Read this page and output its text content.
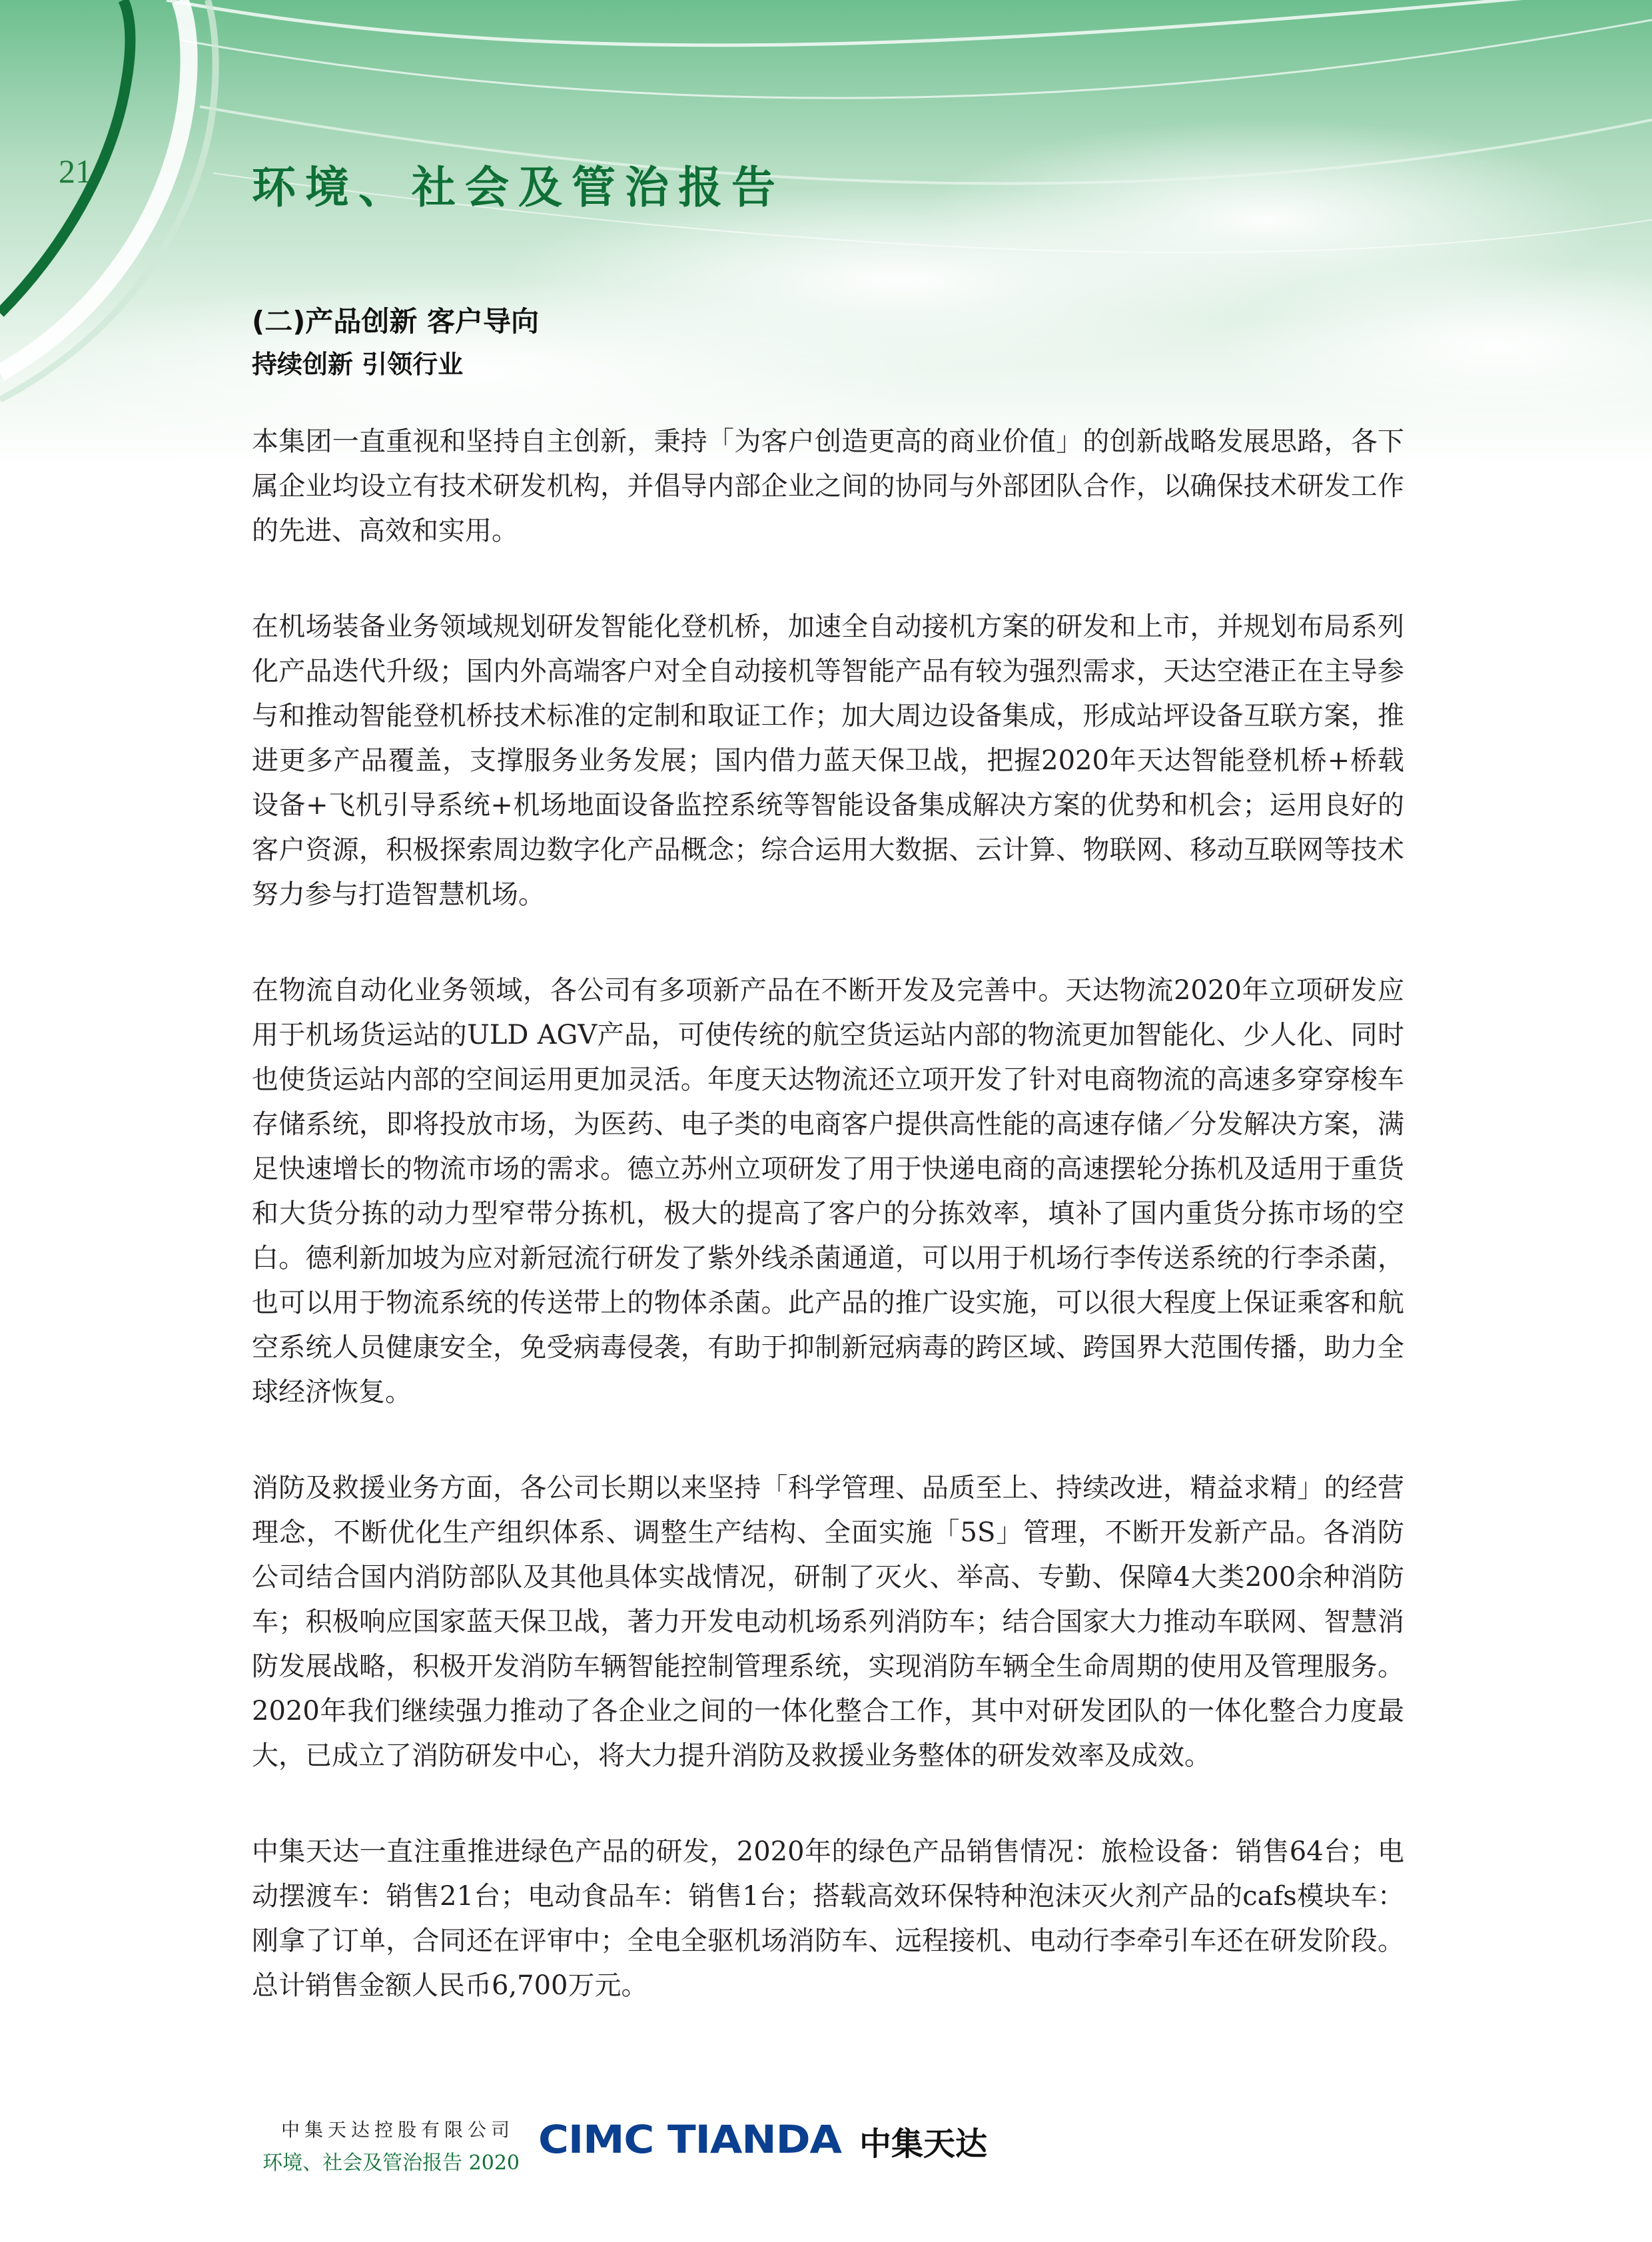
21	环境、社会及管治报告
(二)产品创新 客户导向
持续创新 引领行业

本集团一直重视和坚持自主创新，秉持「为客户创造更高的商业价值」的创新战略发展思路，各下属企业均设立有技术研发机构，并倡导内部企业之间的协同与外部团队合作，以确保技术研发工作的先进、高效和实用。

在机场装备业务领域规划研发智能化登机桥，加速全自动接机方案的研发和上市，并规划布局系列化产品迭代升级；国内外高端客户对全自动接机等智能产品有较为强烈需求，天达空港正在主导参与和推动智能登机桥技术标准的定制和取证工作；加大周边设备集成，形成站坪设备互联方案，推进更多产品覆盖，支撑服务业务发展；国内借力蓝天保卫战，把握2020年天达智能登机桥+桥载设备+飞机引导系统+机场地面设备监控系统等智能设备集成解决方案的优势和机会；运用良好的客户资源，积极探索周边数字化产品概念；综合运用大数据、云计算、物联网、移动互联网等技术努力参与打造智慧机场。

在物流自动化业务领域，各公司有多项新产品在不断开发及完善中。天达物流2020年立项研发应用于机场货运站的ULD AGV产品，可使传统的航空货运站内部的物流更加智能化、少人化、同时也使货运站内部的空间运用更加灵活。年度天达物流还立项开发了针对电商物流的高速多穿穿梭车存储系统，即将投放市场，为医药、电子类的电商客户提供高性能的高速存储／分发解决方案，满足快速增长的物流市场的需求。德立苏州立项研发了用于快递电商的高速摆轮分拣机及适用于重货和大货分拣的动力型窄带分拣机，极大的提高了客户的分拣效率，填补了国内重货分拣市场的空白。德利新加坡为应对新冠流行研发了紫外线杀菌通道，可以用于机场行李传送系统的行李杀菌，也可以用于物流系统的传送带上的物体杀菌。此产品的推广设实施，可以很大程度上保证乘客和航空系统人员健康安全，免受病毒侵袭，有助于抑制新冠病毒的跨区域、跨国界大范围传播，助力全球经济恢复。

消防及救援业务方面，各公司长期以来坚持「科学管理、品质至上、持续改进，精益求精」的经营理念，不断优化生产组织体系、调整生产结构、全面实施「5S」管理，不断开发新产品。各消防公司结合国内消防部队及其他具体实战情况，研制了灭火、举高、专勤、保障4大类200余种消防车；积极响应国家蓝天保卫战，著力开发电动机场系列消防车；结合国家大力推动车联网、智慧消防发展战略，积极开发消防车辆智能控制管理系统，实现消防车辆全生命周期的使用及管理服务。2020年我们继续强力推动了各企业之间的一体化整合工作，其中对研发团队的一体化整合力度最大，已成立了消防研发中心，将大力提升消防及救援业务整体的研发效率及成效。

中集天达一直注重推进绿色产品的研发，2020年的绿色产品销售情况：旅检设备：销售64台；电动摆渡车：销售21台；电动食品车：销售1台；搭载高效环保特种泡沫灭火剂产品的cafs模块车：刚拿了订单，合同还在评审中；全电全驱机场消防车、远程接机、电动行李牵引车还在研发阶段。总计销售金额人民币6,700万元。

中集天达控股有限公司
环境、社会及管治报告 2020
CIMC TIANDA 中集天达
